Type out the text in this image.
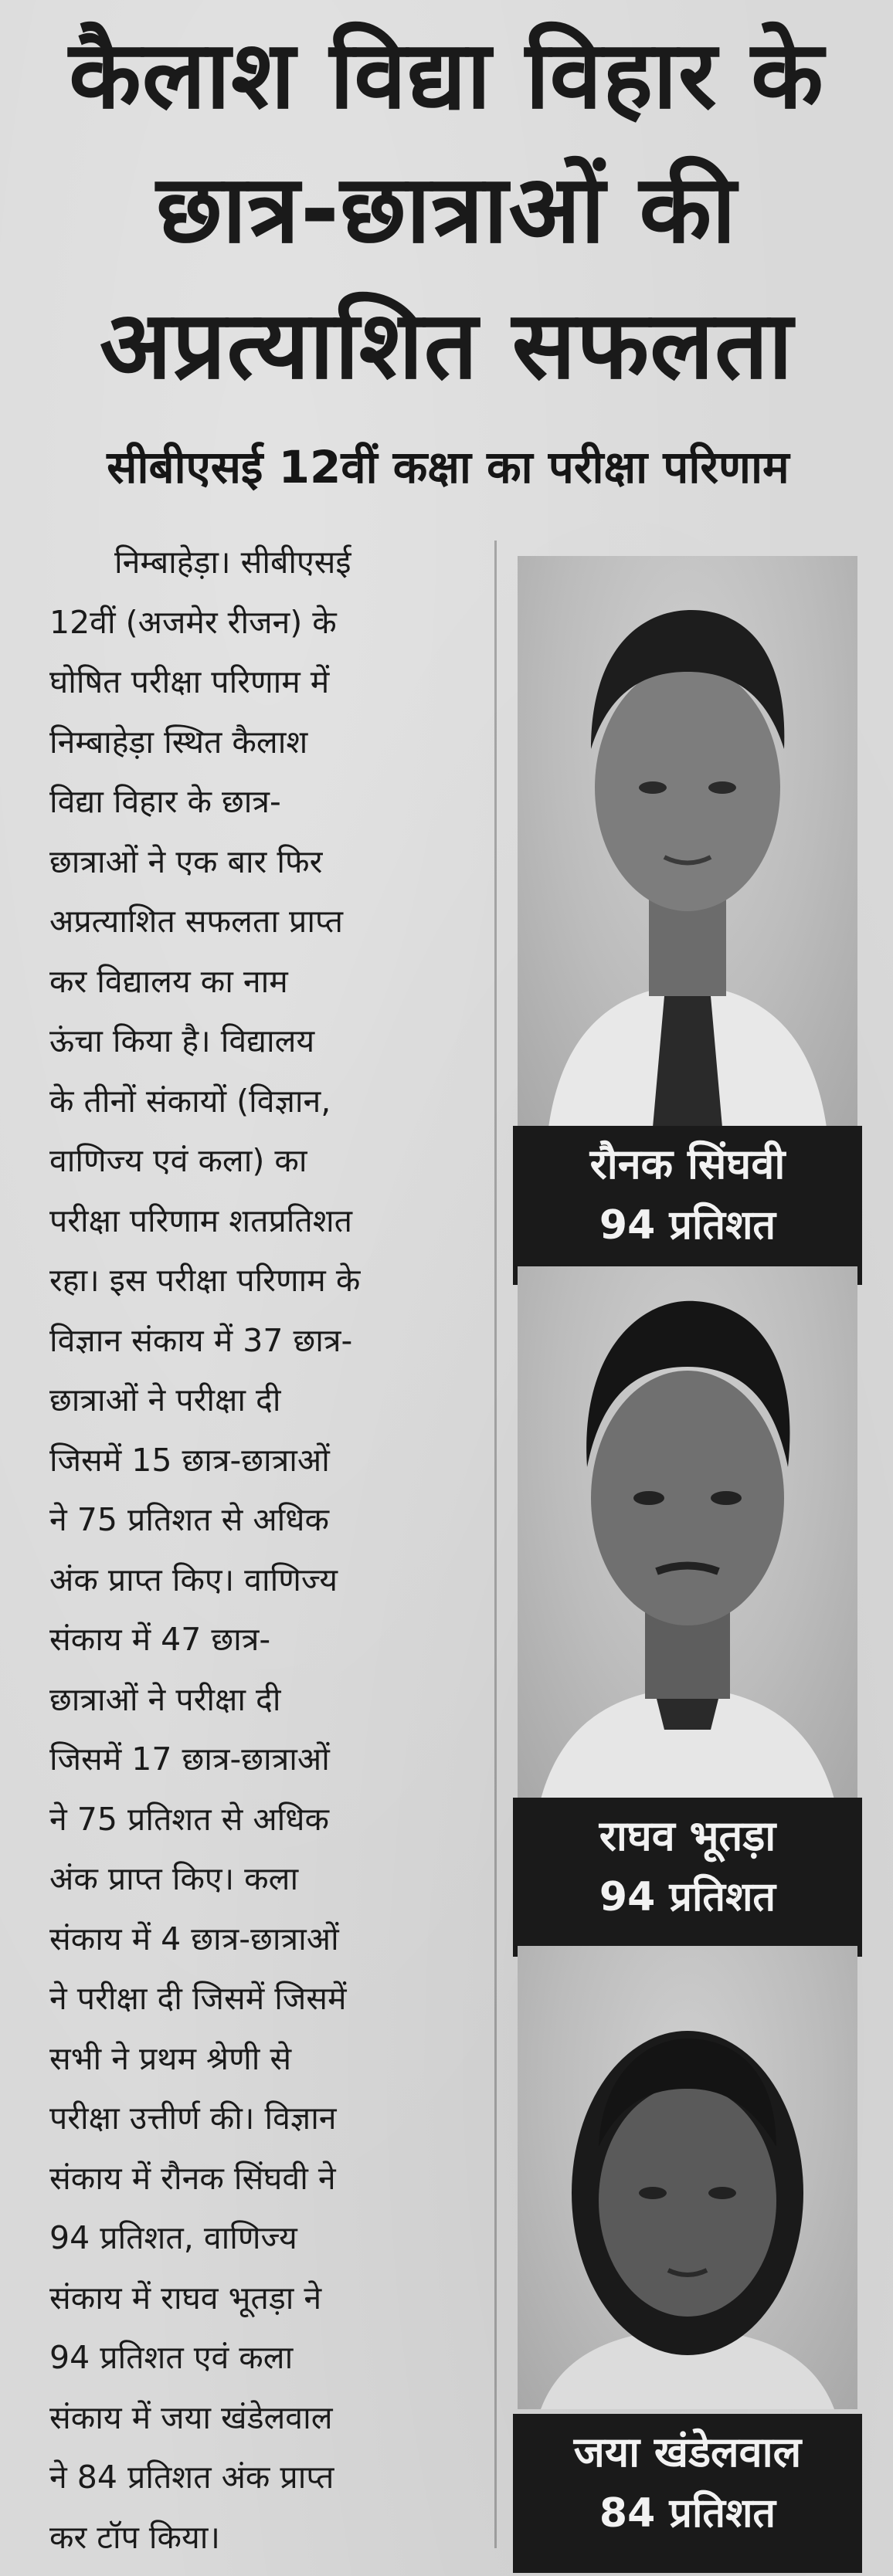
कैलाश विद्या विहार के
छात्र-छात्राओं की
अप्रत्याशित सफलता
सीबीएसई 12वीं कक्षा का परीक्षा परिणाम
निम्बाहेड़ा। सीबीएसई
12वीं (अजमेर रीजन) के
घोषित परीक्षा परिणाम में
निम्बाहेड़ा स्थित कैलाश
विद्या विहार के छात्र-
छात्राओं ने एक बार फिर
अप्रत्याशित सफलता प्राप्त
कर विद्यालय का नाम
ऊंचा किया है। विद्यालय
के तीनों संकायों (विज्ञान,
वाणिज्य एवं कला) का
परीक्षा परिणाम शतप्रतिशत
रहा। इस परीक्षा परिणाम के
विज्ञान संकाय में 37 छात्र-
छात्राओं ने परीक्षा दी
जिसमें 15 छात्र-छात्राओं
ने 75 प्रतिशत से अधिक
अंक प्राप्त किए। वाणिज्य
संकाय में 47 छात्र-
छात्राओं ने परीक्षा दी
जिसमें 17 छात्र-छात्राओं
ने 75 प्रतिशत से अधिक
अंक प्राप्त किए। कला
संकाय में 4 छात्र-छात्राओं
ने परीक्षा दी जिसमें जिसमें
सभी ने प्रथम श्रेणी से
परीक्षा उत्तीर्ण की। विज्ञान
संकाय में रौनक सिंघवी ने
94 प्रतिशत, वाणिज्य
संकाय में राघव भूतड़ा ने
94 प्रतिशत एवं कला
संकाय में जया खंडेलवाल
ने 84 प्रतिशत अंक प्राप्त
कर टॉप किया।
रौनक सिंघवी
94 प्रतिशत
राघव भूतड़ा
94 प्रतिशत
जया खंडेलवाल
84 प्रतिशत
